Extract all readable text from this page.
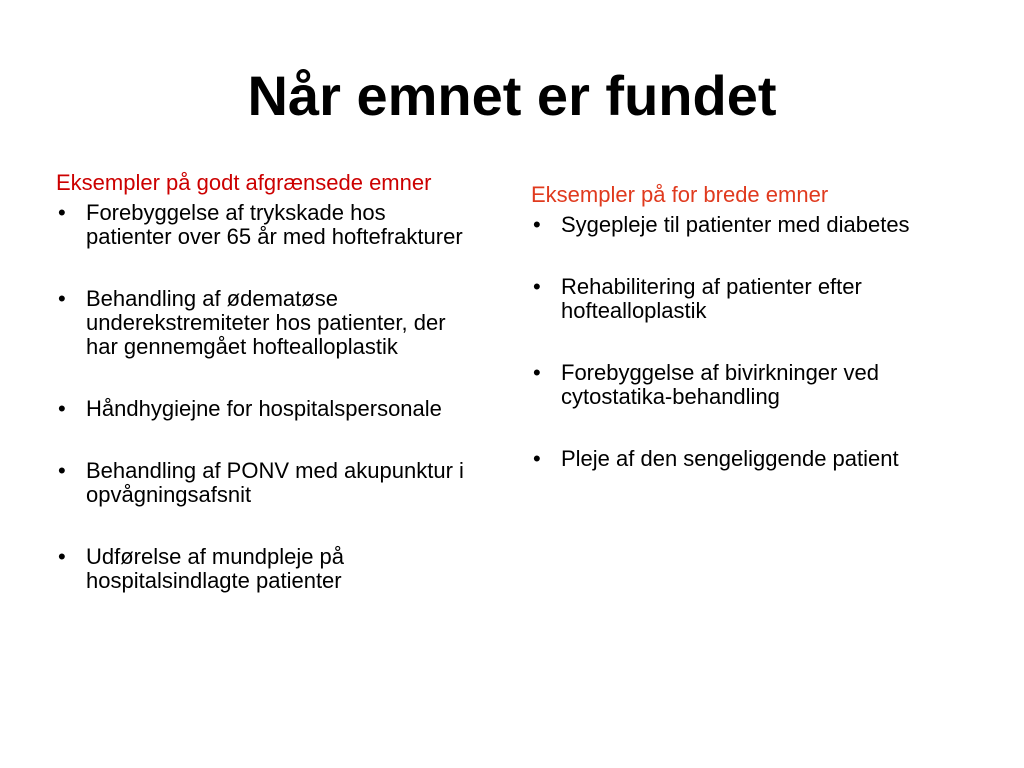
Når emnet er fundet

Eksempler på godt afgrænsede emner

• Forebyggelse af trykskade hos patienter over 65 år med hoftefrakturer
• Behandling af ødematøse underekstremiteter hos patienter, der har gennemgået hoftealloplastik
• Håndhygiejne for hospitalspersonale
• Behandling af PONV med akupunktur i opvågningsafsnit
• Udførelse af mundpleje på hospitalsindlagte patienter

Eksempler på for brede emner

• Sygepleje til patienter med diabetes
• Rehabilitering af patienter efter hoftealloplastik
• Forebyggelse af bivirkninger ved cytostatika-behandling
• Pleje af den sengeliggende patient
